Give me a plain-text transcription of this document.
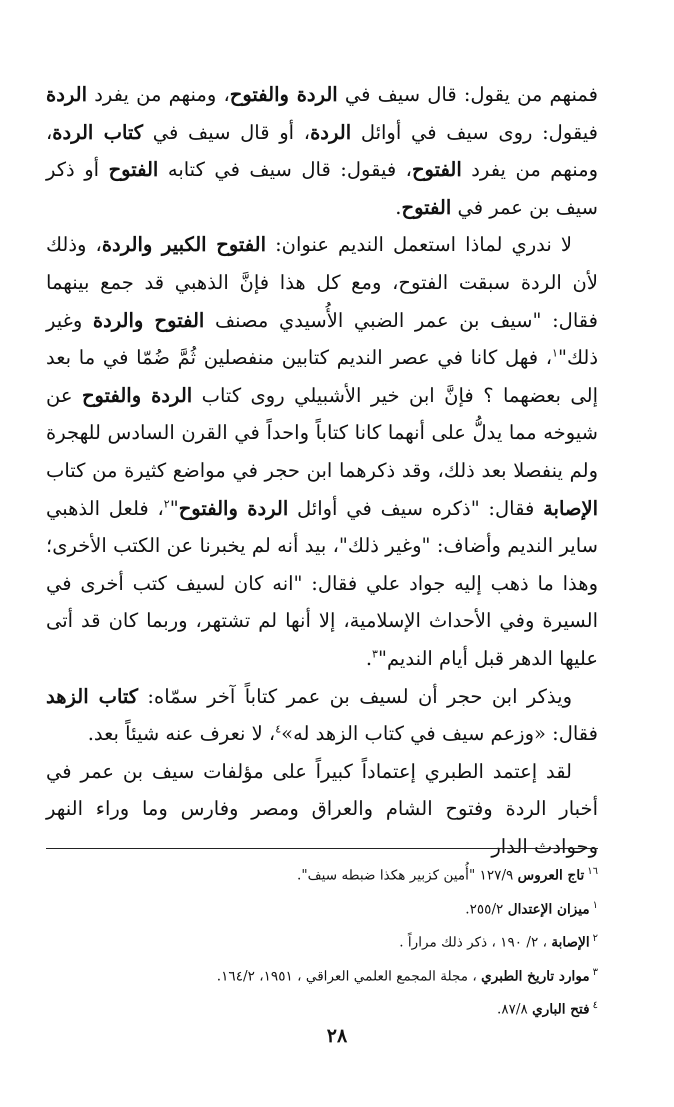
فمنهم من يقول: قال سيف في الردة والفتوح، ومنهم من يفرد الردة فيقول: روى سيف في أوائل الردة، أو قال سيف في كتاب الردة، ومنهم من يفرد الفتوح، فيقول: قال سيف في كتابه الفتوح أو ذكر سيف بن عمر في الفتوح.

لا ندري لماذا استعمل النديم عنوان: الفتوح الكبير والردة، وذلك لأن الردة سبقت الفتوح، ومع كل هذا فإنَّ الذهبي قد جمع بينهما فقال: "سيف بن عمر الضبي الأُسيدي مصنف الفتوح والردة وغير ذلك"$^١$، فهل كانا في عصر النديم كتابين منفصلين ثُمَّ ضُمّا في ما بعد إلى بعضهما ؟ فإنَّ ابن خير الأشبيلي روى كتاب الردة والفتوح عن شيوخه مما يدلُّ على أنهما كانا كتاباً واحداً في القرن السادس للهجرة ولم ينفصلا بعد ذلك، وقد ذكرهما ابن حجر في مواضع كثيرة من كتاب الإصابة فقال: "ذكره سيف في أوائل الردة والفتوح"$^٢$، فلعل الذهبي ساير النديم وأضاف: "وغير ذلك"، بيد أنه لم يخبرنا عن الكتب الأخرى؛ وهذا ما ذهب إليه جواد علي فقال: "انه كان لسيف كتب أخرى في السيرة وفي الأحداث الإسلامية، إلا أنها لم تشتهر، وربما كان قد أتى عليها الدهر قبل أيام النديم"$^٣$.

ويذكر ابن حجر أن لسيف بن عمر كتاباً آخر سمّاه: كتاب الزهد فقال: «وزعم سيف في كتاب الزهد له»$^٤$، لا نعرف عنه شيئاً بعد.

لقد إعتمد الطبري إعتماداً كبيراً على مؤلفات سيف بن عمر في أخبار الردة وفتوح الشام والعراق ومصر وفارس وما وراء النهر وحوادث الدار

$^{١٦}$تاج العروس ١٢٧/٩ "أُمين كزبير هكذا ضبطه سيف".
$^١$ميزان الإعتدال ٢٥٥/٢.
$^٢$الإصابة ، ٢/ ١٩٠ ، ذكر ذلك مراراً .
$^٣$موارد تاريخ الطبري ، مجلة المجمع العلمي العراقي ، ١٩٥١، ١٦٤/٢.
$^٤$فتح الباري ٨٧/٨.
٢٨
